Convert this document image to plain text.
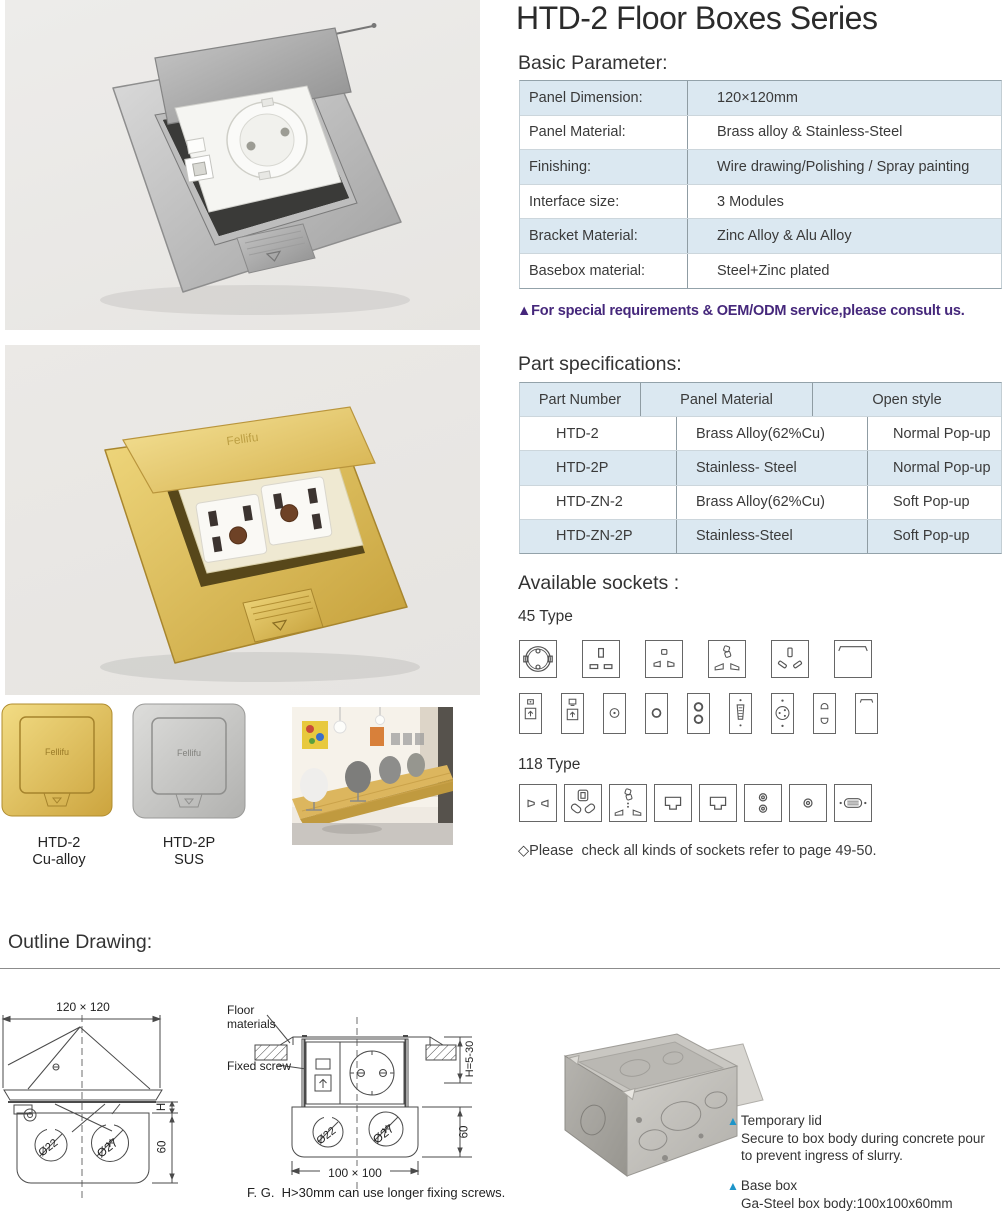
Fellifu
Fellifu	Fellifu
HTD-2
Cu-alloy
HTD-2P
SUS
HTD-2 Floor Boxes Series
Basic Parameter:
Panel Dimension:	120×120mm
Panel Material:	Brass alloy & Stainless-Steel
Finishing:	Wire drawing/Polishing / Spray painting
Interface size:	3 Modules
Bracket Material:	Zinc Alloy & Alu Alloy
Basebox material:	Steel+Zinc plated
▲For special requirements & OEM/ODM service,please consult us.
Part specifications:
Part Number	Panel Material	Open style
HTD-2	Brass Alloy(62%Cu)	Normal Pop-up
HTD-2P	Stainless- Steel	Normal Pop-up
HTD-ZN-2	Brass Alloy(62%Cu)	Soft Pop-up
HTD-ZN-2P	Stainless-Steel	Soft Pop-up
Available sockets :
45 Type
118 Type
◇Please  check all kinds of sockets refer to page 49-50.
Outline Drawing:
120 × 120
H
60
Ø22	Ø27
Floor materials
Fixed screw	H=5-30
60
100 × 100
Ø22	Ø27
F. G.  H>30mm can use longer fixing screws.
▲ Temporary lid
Secure to box body during concrete pour
to prevent ingress of slurry.
▲ Base box
Ga-Steel box body:100x100x60mm
